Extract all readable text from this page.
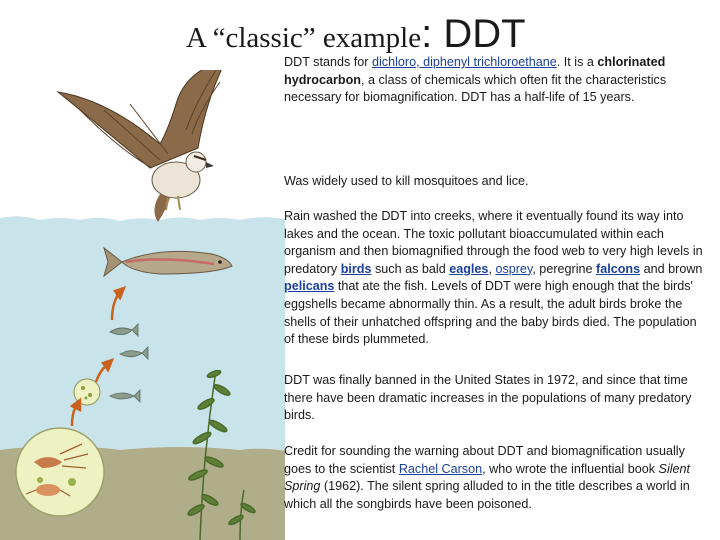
A “classic” example: DDT

DDT stands for dichloro, diphenyl trichloroethane. It is a chlorinated hydrocarbon, a class of chemicals which often fit the characteristics necessary for biomagnification. DDT has a half-life of 15 years.

Was widely used to kill mosquitoes and lice.

Rain washed the DDT into creeks, where it eventually found its way into lakes and the ocean. The toxic pollutant bioaccumulated within each organism and then biomagnified through the food web to very high levels in predatory birds such as bald eagles, osprey, peregrine falcons and brown pelicans that ate the fish. Levels of DDT were high enough that the birds' eggshells became abnormally thin. As a result, the adult birds broke the shells of their unhatched offspring and the baby birds died. The population of these birds plummeted.

DDT was finally banned in the United States in 1972, and since that time there have been dramatic increases in the populations of many predatory birds.

Credit for sounding the warning about DDT and biomagnification usually goes to the scientist Rachel Carson, who wrote the influential book Silent Spring (1962). The silent spring alluded to in the title describes a world in which all the songbirds have been poisoned.
